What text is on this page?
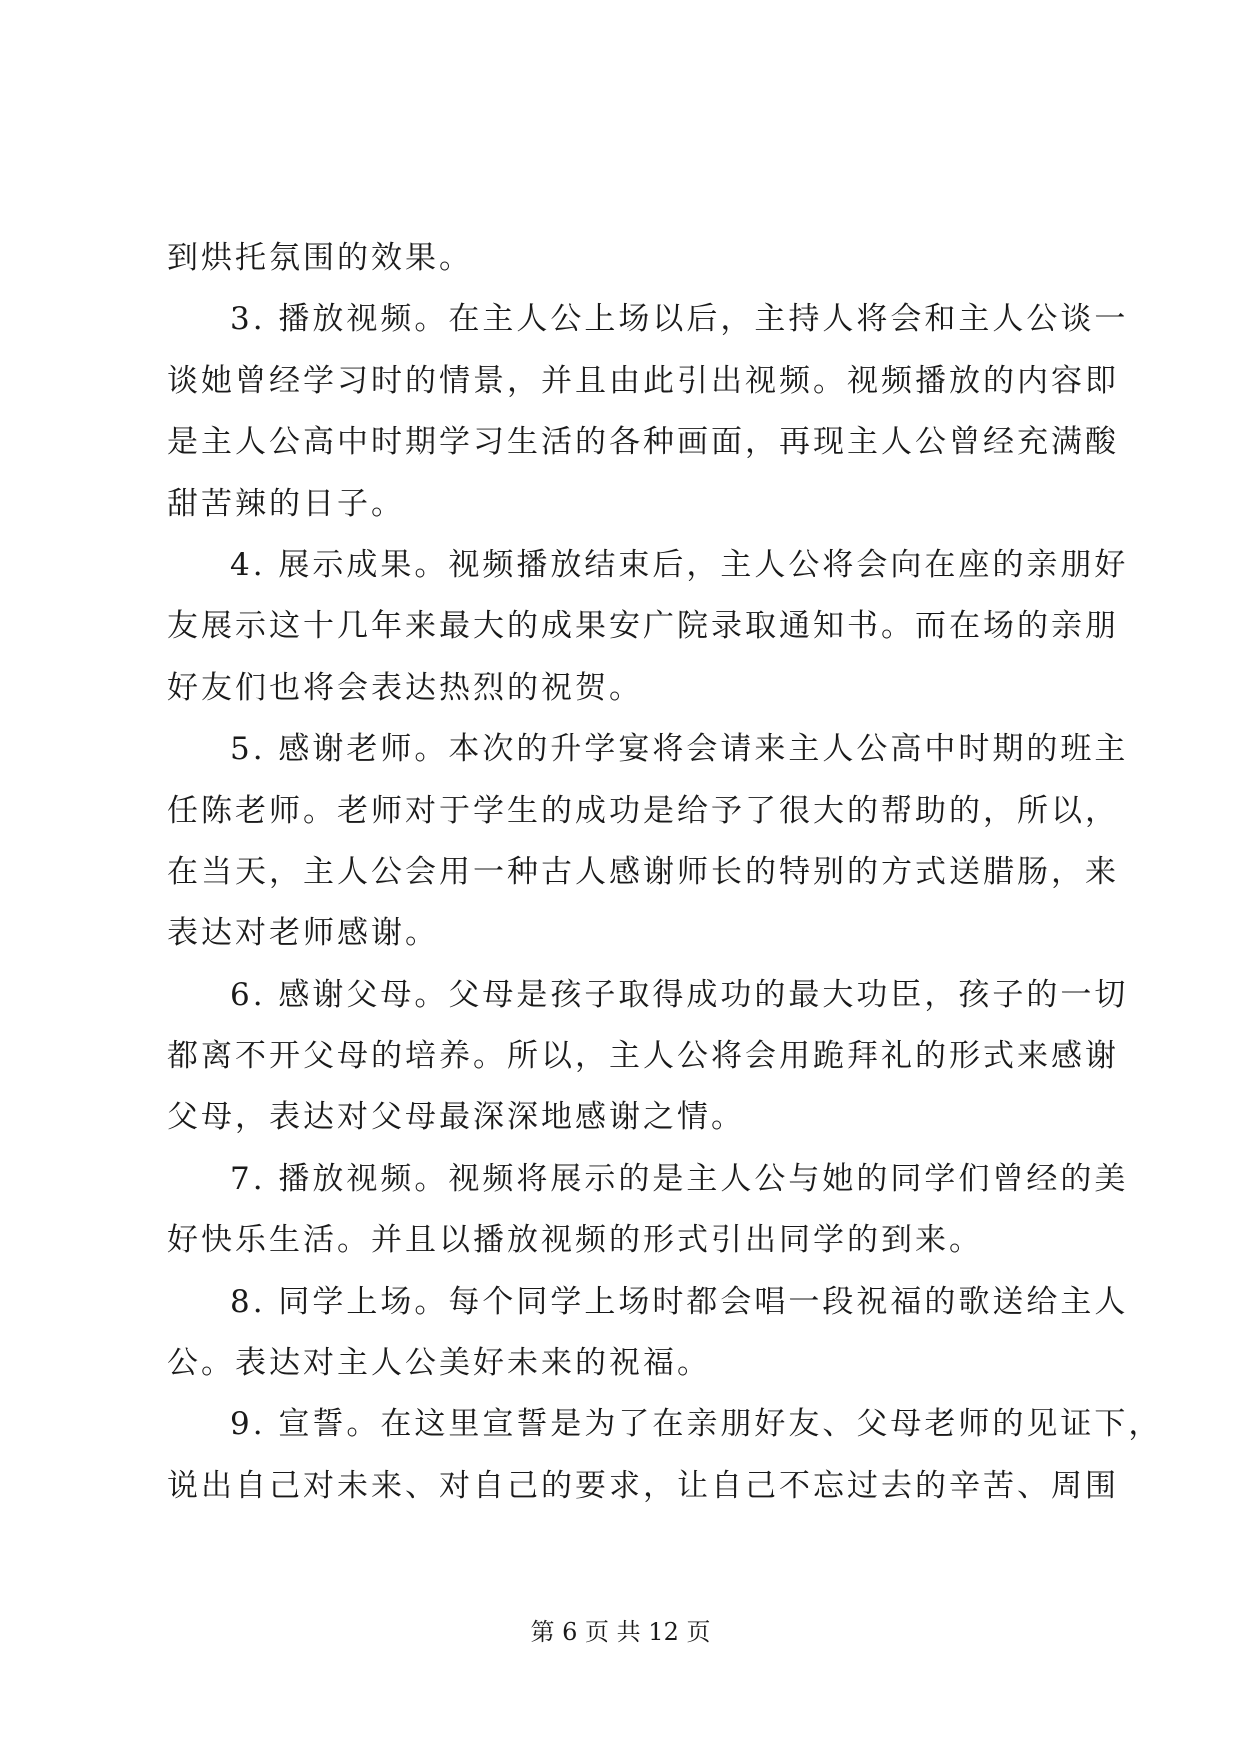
到烘托氛围的效果。
3. 播放视频。在主人公上场以后，主持人将会和主人公谈一
谈她曾经学习时的情景，并且由此引出视频。视频播放的内容即
是主人公高中时期学习生活的各种画面，再现主人公曾经充满酸
甜苦辣的日子。
4. 展示成果。视频播放结束后，主人公将会向在座的亲朋好
友展示这十几年来最大的成果安广院录取通知书。而在场的亲朋
好友们也将会表达热烈的祝贺。
5. 感谢老师。本次的升学宴将会请来主人公高中时期的班主
任陈老师。老师对于学生的成功是给予了很大的帮助的，所以，
在当天，主人公会用一种古人感谢师长的特别的方式送腊肠，来
表达对老师感谢。
6. 感谢父母。父母是孩子取得成功的最大功臣，孩子的一切
都离不开父母的培养。所以，主人公将会用跪拜礼的形式来感谢
父母，表达对父母最深深地感谢之情。
7. 播放视频。视频将展示的是主人公与她的同学们曾经的美
好快乐生活。并且以播放视频的形式引出同学的到来。
8. 同学上场。每个同学上场时都会唱一段祝福的歌送给主人
公。表达对主人公美好未来的祝福。
9. 宣誓。在这里宣誓是为了在亲朋好友、父母老师的见证下，
说出自己对未来、对自己的要求，让自己不忘过去的辛苦、周围
第 6 页 共 12 页
